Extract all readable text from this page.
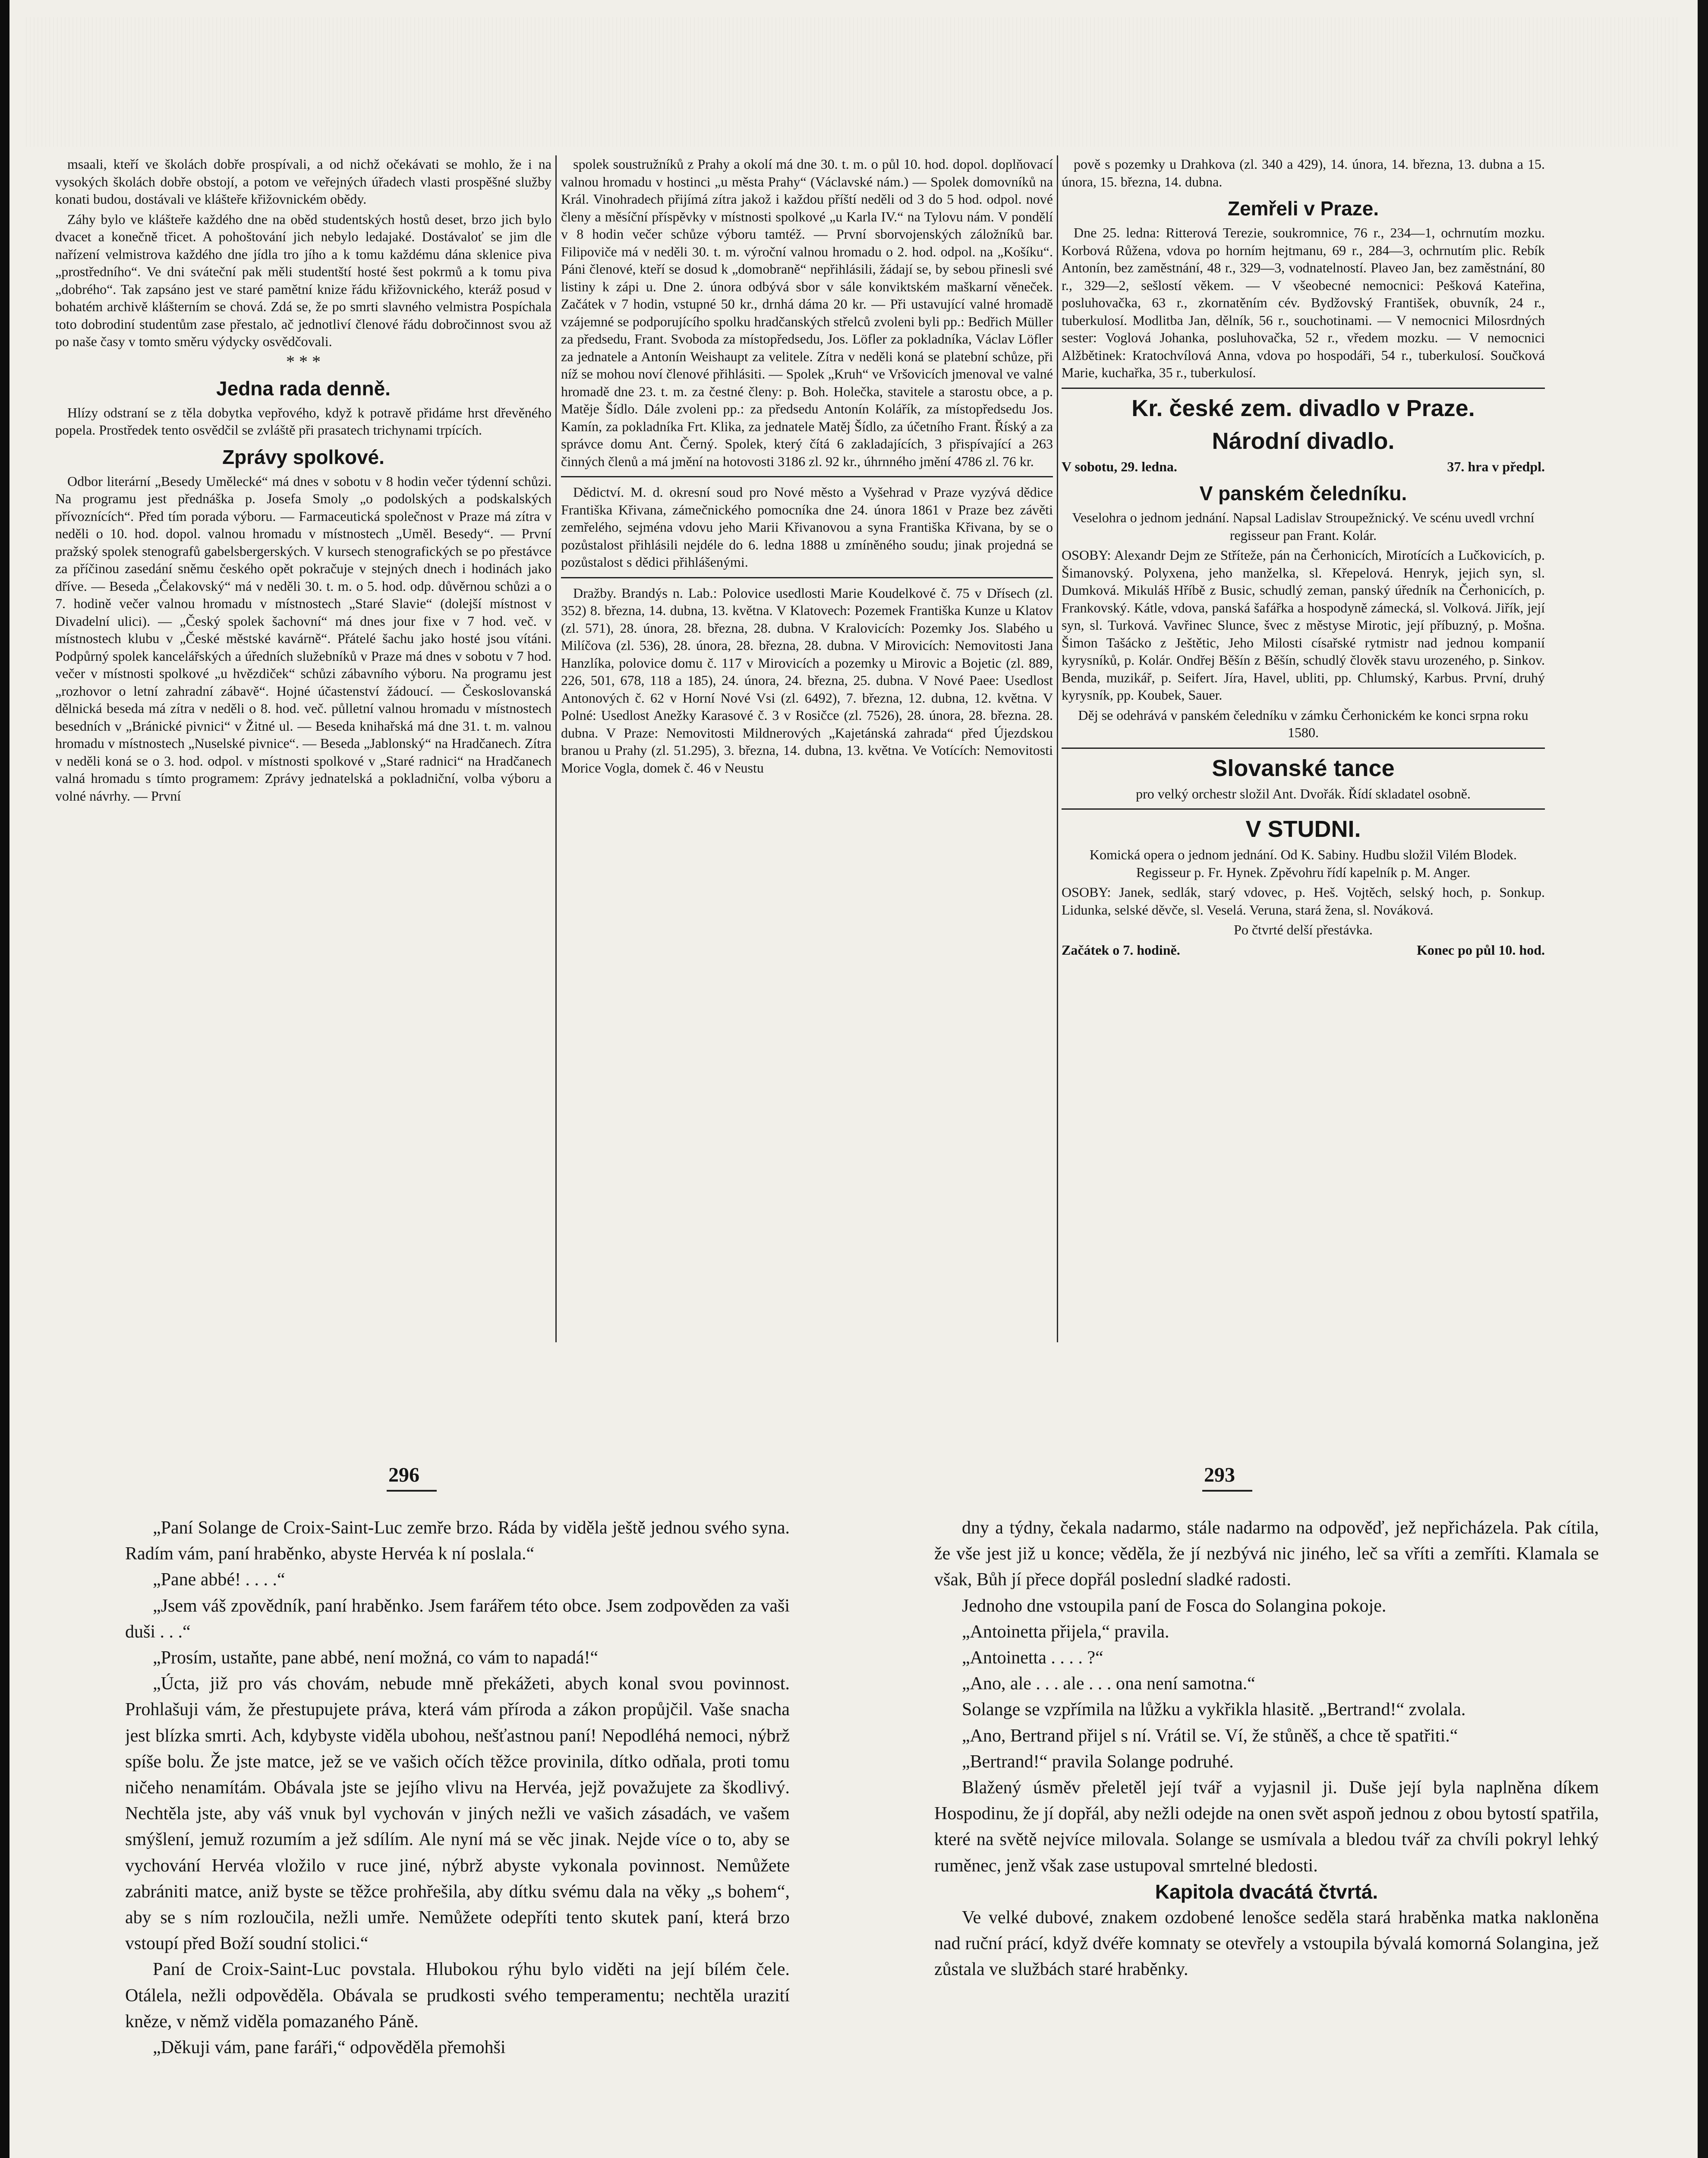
msaali, kteří ve školách dobře prospívali, a od nichž očekávati se mohlo, že i na vysokých školách dobře obstojí, a potom ve veřejných úřadech vlasti prospěšné služby konati budou, dostávali ve klášteře křižovnickém obědy.

Záhy bylo ve klášteře každého dne na oběd studentských hostů deset, brzo jich bylo dvacet a konečně třicet. A pohoštování jich nebylo ledajaké. Dostávaloť se jim dle nařízení velmistrova každého dne jídla tro jího a k tomu každému dána sklenice piva „prostředního“. Ve dni sváteční pak měli studentští hosté šest pokrmů a k tomu piva „dobrého“. Tak zapsáno jest ve staré pamětní knize řádu křižovnického, kteráž posud v bohatém archivě klášterním se chová. Zdá se, že po smrti slavného velmistra Pospíchala toto dobrodiní studentům zase přestalo, ač jednotliví členové řádu dobročinnost svou až po naše časy v tomto směru výdycky osvědčovali.

* * *
Jedna rada denně.

Hlízy odstraní se z těla dobytka vepřového, když k potravě přidáme hrst dřevěného popela. Prostředek tento osvědčil se zvláště při prasatech trichynami trpících.

Zprávy spolkové.

Odbor literární „Besedy Umělecké“ má dnes v sobotu v 8 hodin večer týdenní schůzi. Na programu jest přednáška p. Josefa Smoly „o podolských a podskalských přívoznících“. Před tím porada výboru. — Farmaceutická společnost v Praze má zítra v neděli o 10. hod. dopol. valnou hromadu v místnostech „Uměl. Besedy“. — První pražský spolek stenografů gabelsbergerských. V kursech stenografických se po přestávce za příčinou zasedání sněmu českého opět pokračuje v stejných dnech i hodinách jako dříve. — Beseda „Čelakovský“ má v neděli 30. t. m. o 5. hod. odp. důvěrnou schůzi a o 7. hodině večer valnou hromadu v místnostech „Staré Slavie“ (dolejší místnost v Divadelní ulici). — „Český spolek šachovní“ má dnes jour fixe v 7 hod. več. v místnostech klubu v „České městské kavárně“. Přátelé šachu jako hosté jsou vítáni. Podpůrný spolek kancelářských a úředních služebníků v Praze má dnes v sobotu v 7 hod. večer v místnosti spolkové „u hvězdiček“ schůzi zábavního výboru. Na programu jest „rozhovor o letní zahradní zábavě“. Hojné účastenství žádoucí. — Českoslovanská dělnická beseda má zítra v neděli o 8. hod. več. půlletní valnou hromadu v místnostech besedních v „Bránické pivnici“ v Žitné ul. — Beseda knihařská má dne 31. t. m. valnou hromadu v místnostech „Nuselské pivnice“. — Beseda „Jablonský“ na Hradčanech. Zítra v neděli koná se o 3. hod. odpol. v místnosti spolkové v „Staré radnici“ na Hradčanech valná hromadu s tímto programem: Zprávy jednatelská a pokladniční, volba výboru a volné návrhy. — První

spolek soustružníků z Prahy a okolí má dne 30. t. m. o půl 10. hod. dopol. doplňovací valnou hromadu v hostinci „u města Prahy“ (Václavské nám.) — Spolek domovníků na Král. Vinohradech přijímá zítra jakož i každou příští neděli od 3 do 5 hod. odpol. nové členy a měsíční příspěvky v místnosti spolkové „u Karla IV.“ na Tylovu nám. V pondělí v 8 hodin večer schůze výboru tamtéž. — První sborvojenských záložníků bar. Filipoviče má v neděli 30. t. m. výroční valnou hromadu o 2. hod. odpol. na „Košíku“. Páni členové, kteří se dosud k „domobraně“ nepřihlásili, žádají se, by sebou přinesli své listiny k zápi u. Dne 2. února odbývá sbor v sále konviktském maškarní věneček. Začátek v 7 hodin, vstupné 50 kr., drnhá dáma 20 kr. — Při ustavující valné hromadě vzájemné se podporujícího spolku hradčanských střelců zvoleni byli pp.: Bedřich Müller za předsedu, Frant. Svoboda za místopředsedu, Jos. Löfler za pokladníka, Václav Löfler za jednatele a Antonín Weishaupt za velitele. Zítra v neděli koná se platební schůze, při níž se mohou noví členové přihlásiti. — Spolek „Kruh“ ve Vršovicích jmenoval ve valné hromadě dne 23. t. m. za čestné členy: p. Boh. Holečka, stavitele a starostu obce, a p. Matěje Šídlo. Dále zvoleni pp.: za předsedu Antonín Kolářík, za místopředsedu Jos. Kamín, za pokladníka Frt. Klika, za jednatele Matěj Šídlo, za účetního Frant. Říský a za správce domu Ant. Černý. Spolek, který čítá 6 zakladajících, 3 přispívající a 263 činných členů a má jmění na hotovosti 3186 zl. 92 kr., úhrnného jmění 4786 zl. 76 kr.

Dědictví. M. d. okresní soud pro Nové město a Vyšehrad v Praze vyzývá dědice Františka Křivana, zámečnického pomocníka dne 24. února 1861 v Praze bez závěti zemřelého, sejména vdovu jeho Marii Křivanovou a syna Františka Křivana, by se o pozůstalost přihlásili nejdéle do 6. ledna 1888 u zmíněného soudu; jinak projedná se pozůstalost s dědici přihlášenými.

Dražby. Brandýs n. Lab.: Polovice usedlosti Marie Koudelkové č. 75 v Dřísech (zl. 352) 8. března, 14. dubna, 13. května. V Klatovech: Pozemek Františka Kunze u Klatov (zl. 571), 28. února, 28. března, 28. dubna. V Kralovicích: Pozemky Jos. Slabého u Milíčova (zl. 536), 28. února, 28. března, 28. dubna. V Mirovicích: Nemovitosti Jana Hanzlíka, polovice domu č. 117 v Mirovicích a pozemky u Mirovic a Bojetic (zl. 889, 226, 501, 678, 118 a 185), 24. února, 24. března, 25. dubna. V Nové Paee: Usedlost Antonových č. 62 v Horní Nové Vsi (zl. 6492), 7. března, 12. dubna, 12. května. V Polné: Usedlost Anežky Karasové č. 3 v Rosičce (zl. 7526), 28. února, 28. března. 28. dubna. V Praze: Nemovitosti Mildnerových „Kajetánská zahrada“ před Újezdskou branou u Prahy (zl. 51.295), 3. března, 14. dubna, 13. května. Ve Votících: Nemovitosti Morice Vogla, domek č. 46 v Neustu

pově s pozemky u Drahkova (zl. 340 a 429), 14. února, 14. března, 13. dubna a 15. února, 15. března, 14. dubna.

Zemřeli v Praze.

Dne 25. ledna: Ritterová Terezie, soukromnice, 76 r., 234—1, ochrnutím mozku. Korbová Růžena, vdova po horním hejtmanu, 69 r., 284—3, ochrnutím plic. Rebík Antonín, bez zaměstnání, 48 r., 329—3, vodnatelností. Plaveo Jan, bez zaměstnání, 80 r., 329—2, sešlostí věkem. — V všeobecné nemocnici: Pešková Kateřina, posluhovačka, 63 r., zkornatěním cév. Bydžovský František, obuvník, 24 r., tuberkulosí. Modlitba Jan, dělník, 56 r., souchotinami. — V nemocnici Milosrdných sester: Voglová Johanka, posluhovačka, 52 r., vředem mozku. — V nemocnici Alžbětinek: Kratochvílová Anna, vdova po hospodáři, 54 r., tuberkulosí. Součková Marie, kuchařka, 35 r., tuberkulosí.

Kr. české zem. divadlo v Praze.
Národní divadlo.
V sobotu, 29. ledna.	37. hra v předpl.
V panském čeledníku.

Veselohra o jednom jednání. Napsal Ladislav Stroupežnický. Ve scénu uvedl vrchní regisseur pan Frant. Kolár.

OSOBY: Alexandr Dejm ze Stříteže, pán na Čerhonicích, Mirotících a Lučkovicích, p. Šimanovský. Polyxena, jeho manželka, sl. Křepelová. Henryk, jejich syn, sl. Dumková. Mikuláš Hříbě z Busic, schudlý zeman, panský úředník na Čerhonicích, p. Frankovský. Kátle, vdova, panská šafářka a hospodyně zámecká, sl. Volková. Jiřík, její syn, sl. Turková. Vavřinec Slunce, švec z městyse Mirotic, její příbuzný, p. Mošna. Šimon Tašácko z Ještětic, Jeho Milosti císařské rytmistr nad jednou kompanií kyrysníků, p. Kolár. Ondřej Běšín z Běšín, schudlý člověk stavu urozeného, p. Sinkov. Benda, muzikář, p. Seifert. Jíra, Havel, ubliti, pp. Chlumský, Karbus. První, druhý kyrysník, pp. Koubek, Sauer.

Děj se odehrává v panském čeledníku v zámku Čerhonickém ke konci srpna roku 1580.

Slovanské tance

pro velký orchestr složil Ant. Dvořák. Řídí skladatel osobně.

V STUDNI.

Komická opera o jednom jednání. Od K. Sabiny. Hudbu složil Vilém Blodek. Regisseur p. Fr. Hynek. Zpěvohru řídí kapelník p. M. Anger.

OSOBY: Janek, sedlák, starý vdovec, p. Heš. Vojtěch, selský hoch, p. Sonkup. Lidunka, selské děvče, sl. Veselá. Veruna, stará žena, sl. Nováková.

Po čtvrté delší přestávka.

Začátek o 7. hodině.	Konec po půl 10. hod.
296	293

„Paní Solange de Croix-Saint-Luc zemře brzo. Ráda by viděla ještě jednou svého syna. Radím vám, paní hraběnko, abyste Hervéa k ní poslala.“

„Pane abbé! . . . .“

„Jsem váš zpovědník, paní hraběnko. Jsem farářem této obce. Jsem zodpověden za vaši duši . . .“

„Prosím, ustaňte, pane abbé, není možná, co vám to napadá!“

„Úcta, již pro vás chovám, nebude mně překážeti, abych konal svou povinnost. Prohlašuji vám, že přestupujete práva, která vám příroda a zákon propůjčil. Vaše snacha jest blízka smrti. Ach, kdybyste viděla ubohou, nešťastnou paní! Nepodléhá nemoci, nýbrž spíše bolu. Že jste matce, jež se ve vašich očích těžce provinila, dítko odňala, proti tomu ničeho nenamítám. Obávala jste se jejího vlivu na Hervéa, jejž považujete za škodlivý. Nechtěla jste, aby váš vnuk byl vychován v jiných nežli ve vašich zásadách, ve vašem smýšlení, jemuž rozumím a jež sdílím. Ale nyní má se věc jinak. Nejde více o to, aby se vychování Hervéa vložilo v ruce jiné, nýbrž abyste vykonala povinnost. Nemůžete zabrániti matce, aniž byste se těžce prohřešila, aby dítku svému dala na věky „s bohem“, aby se s ním rozloučila, nežli umře. Nemůžete odepříti tento skutek paní, která brzo vstoupí před Boží soudní stolici.“

Paní de Croix-Saint-Luc povstala. Hlubokou rýhu bylo viděti na její bílém čele. Otálela, nežli odpověděla. Obávala se prudkosti svého temperamentu; nechtěla urazití kněze, v němž viděla pomazaného Páně.

„Děkuji vám, pane faráři,“ odpověděla přemohši

dny a týdny, čekala nadarmo, stále nadarmo na odpověď, jež nepřicházela. Pak cítila, že vše jest již u konce; věděla, že jí nezbývá nic jiného, leč sa vříti a zemříti. Klamala se však, Bůh jí přece dopřál poslední sladké radosti.

Jednoho dne vstoupila paní de Fosca do Solangina pokoje.

„Antoinetta přijela,“ pravila.

„Antoinetta . . . . ?“

„Ano, ale . . . ale . . . ona není samotna.“

Solange se vzpřímila na lůžku a vykřikla hlasitě. „Bertrand!“ zvolala.

„Ano, Bertrand přijel s ní. Vrátil se. Ví, že stůněš, a chce tě spatřiti.“

„Bertrand!“ pravila Solange podruhé.

Blažený úsměv přeletěl její tvář a vyjasnil ji. Duše její byla naplněna díkem Hospodinu, že jí dopřál, aby nežli odejde na onen svět aspoň jednou z obou bytostí spatřila, které na světě nejvíce milovala. Solange se usmívala a bledou tvář za chvíli pokryl lehký ruměnec, jenž však zase ustupoval smrtelné bledosti.

Kapitola dvacátá čtvrtá.

Ve velké dubové, znakem ozdobené lenošce seděla stará hraběnka matka nakloněna nad ruční prácí, když dvéře komnaty se otevřely a vstoupila bývalá komorná Solangina, jež zůstala ve službách staré hraběnky.
